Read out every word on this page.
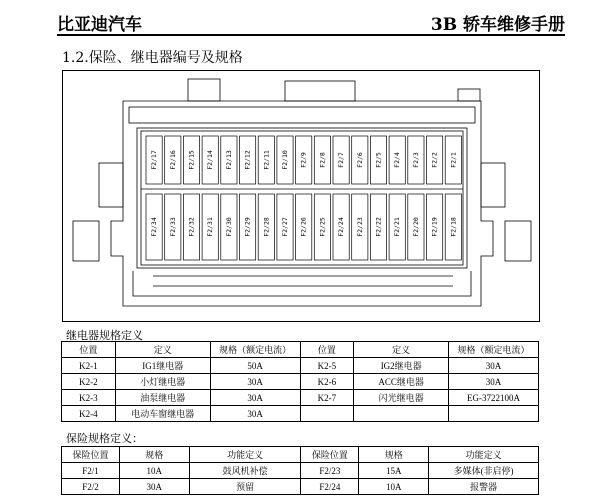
比亚迪汽车	3B 轿车维修手册
1.2.保险、继电器编号及规格
F2/17 F2/16 F2/15 F2/14 F2/13 F2/12 F2/11 F2/10 F2/9 F2/8 F2/7 F2/6 F2/5 F2/4 F2/3 F2/2 F2/1
F2/34 F2/33 F2/32 F2/31 F2/30 F2/29 F2/28 F2/27 F2/26 F2/25 F2/24 F2/23 F2/22 F2/21 F2/20 F2/19 F2/18
继电器规格定义
位置	定义	规格（额定电流）	位置	定义	规格（额定电流）
K2-1	IG1继电器	50A	K2-5	IG2继电器	30A
K2-2	小灯继电器	30A	K2-6	ACC继电器	30A
K2-3	油泵继电器	30A	K2-7	闪光继电器	EG-3722100A
K2-4	电动车窗继电器	30A			
保险规格定义：
保险位置	规格	功能定义	保险位置	规格	功能定义
F2/1	10A	鼓风机补偿	F2/23	15A	多媒体(非启停)
F2/2	30A	预留	F2/24	10A	报警器
